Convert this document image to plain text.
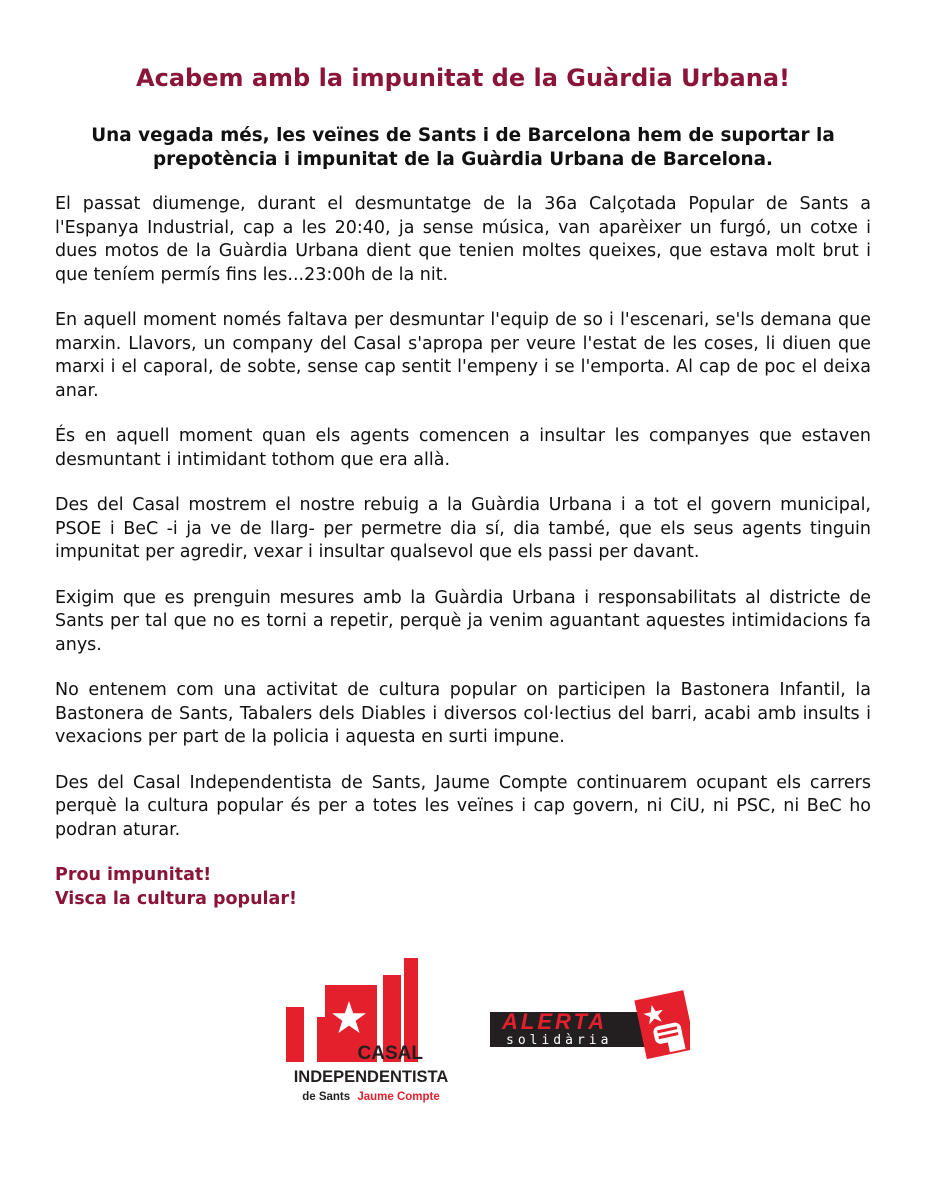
Acabem amb la impunitat de la Guàrdia Urbana!

Una vegada més, les veïnes de Sants i de Barcelona hem de suportar la prepotència i impunitat de la Guàrdia Urbana de Barcelona.

El passat diumenge, durant el desmuntatge de la 36a Calçotada Popular de Sants a l'Espanya Industrial, cap a les 20:40, ja sense música, van aparèixer un furgó, un cotxe i dues motos de la Guàrdia Urbana dient que tenien moltes queixes, que estava molt brut i que teníem permís fins les...23:00h de la nit.

En aquell moment només faltava per desmuntar l'equip de so i l'escenari, se'ls demana que marxin. Llavors, un company del Casal s'apropa per veure l'estat de les coses, li diuen que marxi i el caporal, de sobte, sense cap sentit l'empeny i se l'emporta. Al cap de poc el deixa anar.

És en aquell moment quan els agents comencen a insultar les companyes que estaven desmuntant i intimidant tothom que era allà.

Des del Casal mostrem el nostre rebuig a la Guàrdia Urbana i a tot el govern municipal, PSOE i BeC -i ja ve de llarg- per permetre dia sí, dia també, que els seus agents tinguin impunitat per agredir, vexar i insultar qualsevol que els passi per davant.

Exigim que es prenguin mesures amb la Guàrdia Urbana i responsabilitats al districte de Sants per tal que no es torni a repetir, perquè ja venim aguantant aquestes intimidacions fa anys.

No entenem com una activitat de cultura popular on participen la Bastonera Infantil, la Bastonera de Sants, Tabalers dels Diables i diversos col·lectius del barri, acabi amb insults i vexacions per part de la policia i aquesta en surti impune.

Des del Casal Independentista de Sants, Jaume Compte continuarem ocupant els carrers perquè la cultura popular és per a totes les veïnes i cap govern, ni CiU, ni PSC, ni BeC ho podran aturar.

Prou impunitat!
Visca la cultura popular!
CASAL
INDEPENDENTISTA
de Sants Jaume Compte
ALERTA
solidària
